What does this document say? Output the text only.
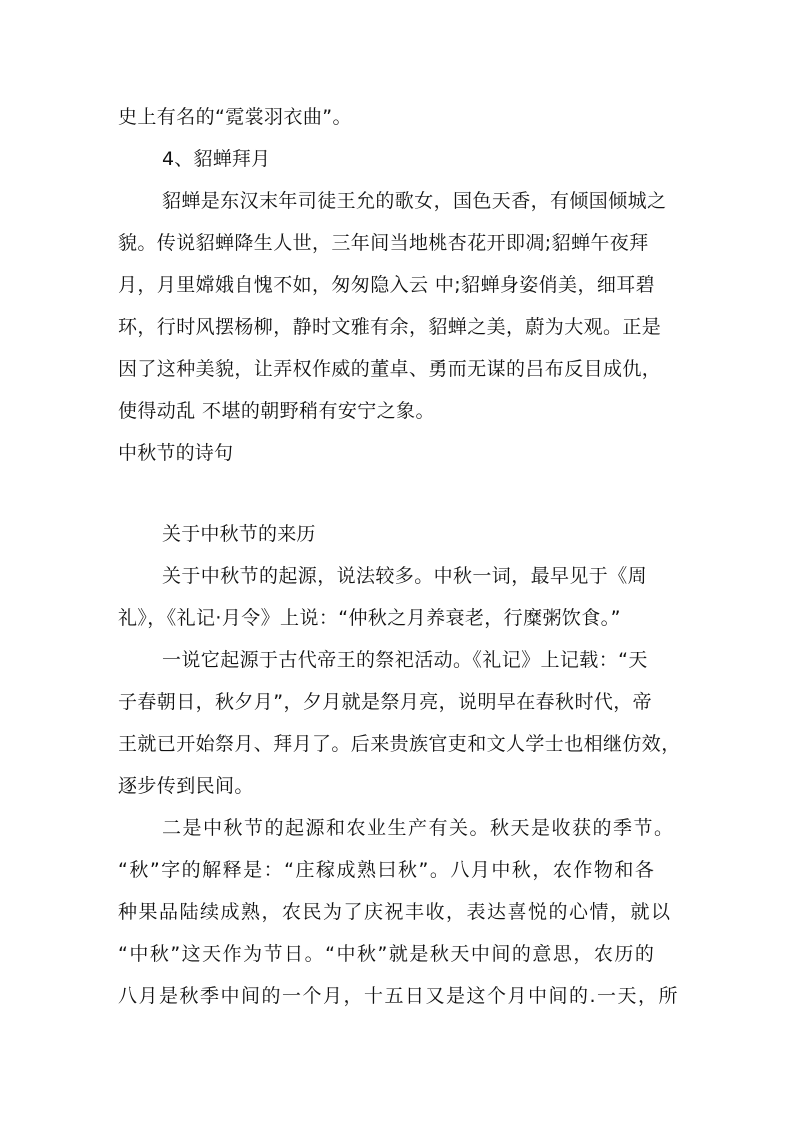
史上有名的“霓裳羽衣曲”。
4、貂蝉拜月
貂蝉是东汉末年司徒王允的歌女，国色天香，有倾国倾城之
貌。传说貂蝉降生人世，三年间当地桃杏花开即凋;貂蝉午夜拜
月，月里嫦娥自愧不如，匆匆隐入云 中;貂蝉身姿俏美，细耳碧
环，行时风摆杨柳，静时文雅有余，貂蝉之美，蔚为大观。正是
因了这种美貌，让弄权作威的董卓、勇而无谋的吕布反目成仇，
使得动乱 不堪的朝野稍有安宁之象。
中秋节的诗句
关于中秋节的来历
关于中秋节的起源，说法较多。中秋一词，最早见于《周
礼》，《礼记·月令》上说：“仲秋之月养衰老，行糜粥饮食。”
一说它起源于古代帝王的祭祀活动。《礼记》上记载：“天
子春朝日，秋夕月”，夕月就是祭月亮，说明早在春秋时代，帝
王就已开始祭月、拜月了。后来贵族官吏和文人学士也相继仿效，
逐步传到民间。
二是中秋节的起源和农业生产有关。秋天是收获的季节。
“秋”字的解释是：“庄稼成熟曰秋”。八月中秋，农作物和各
种果品陆续成熟，农民为了庆祝丰收，表达喜悦的心情，就以
“中秋”这天作为节日。“中秋”就是秋天中间的意思，农历的
八月是秋季中间的一个月，十五日又是这个月中间的.一天，所
